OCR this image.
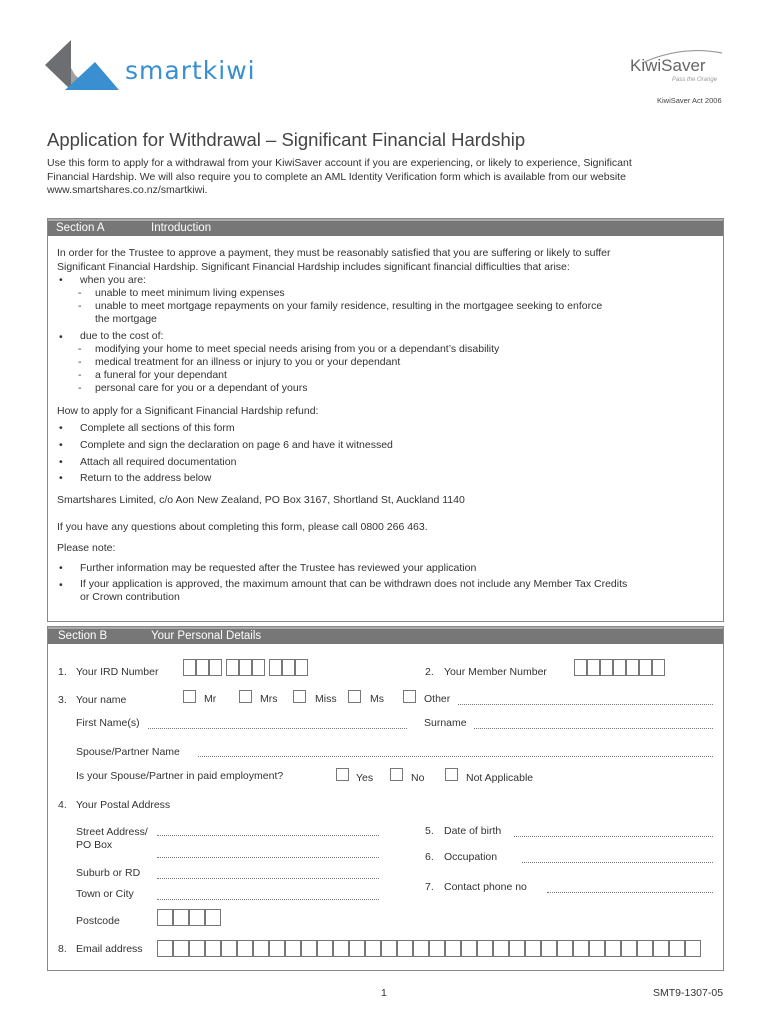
smartkiwi	KiwiSaver
Pass the Orange
KiwiSaver Act 2006
Application for Withdrawal – Significant Financial Hardship
Use this form to apply for a withdrawal from your KiwiSaver account if you are experiencing, or likely to experience, Significant
Financial Hardship. We will also require you to complete an AML Identity Verification form which is available from our website
www.smartshares.co.nz/smartkiwi.
Section A	Introduction
In order for the Trustee to approve a payment, they must be reasonably satisfied that you are suffering or likely to suffer
Significant Financial Hardship. Significant Financial Hardship includes significant financial difficulties that arise:
• when you are:
- unable to meet minimum living expenses
- unable to meet mortgage repayments on your family residence, resulting in the mortgagee seeking to enforce
the mortgage
• due to the cost of:
- modifying your home to meet special needs arising from you or a dependant’s disability
- medical treatment for an illness or injury to you or your dependant
- a funeral for your dependant
- personal care for you or a dependant of yours
How to apply for a Significant Financial Hardship refund:
• Complete all sections of this form
• Complete and sign the declaration on page 6 and have it witnessed
• Attach all required documentation
• Return to the address below
Smartshares Limited, c/o Aon New Zealand, PO Box 3167, Shortland St, Auckland 1140
If you have any questions about completing this form, please call 0800 266 463.
Please note:
• Further information may be requested after the Trustee has reviewed your application
• If your application is approved, the maximum amount that can be withdrawn does not include any Member Tax Credits
or Crown contribution
Section B	Your Personal Details
1. Your IRD Number	2. Your Member Number
3. Your name	Mr	Mrs	Miss	Ms	Other
First Name(s)	Surname
Spouse/Partner Name
Is your Spouse/Partner in paid employment?	Yes	No	Not Applicable
4. Your Postal Address
Street Address/
PO Box
Suburb or RD
Town or City
Postcode
5. Date of birth
6. Occupation
7. Contact phone no
8. Email address
1	SMT9-1307-05
